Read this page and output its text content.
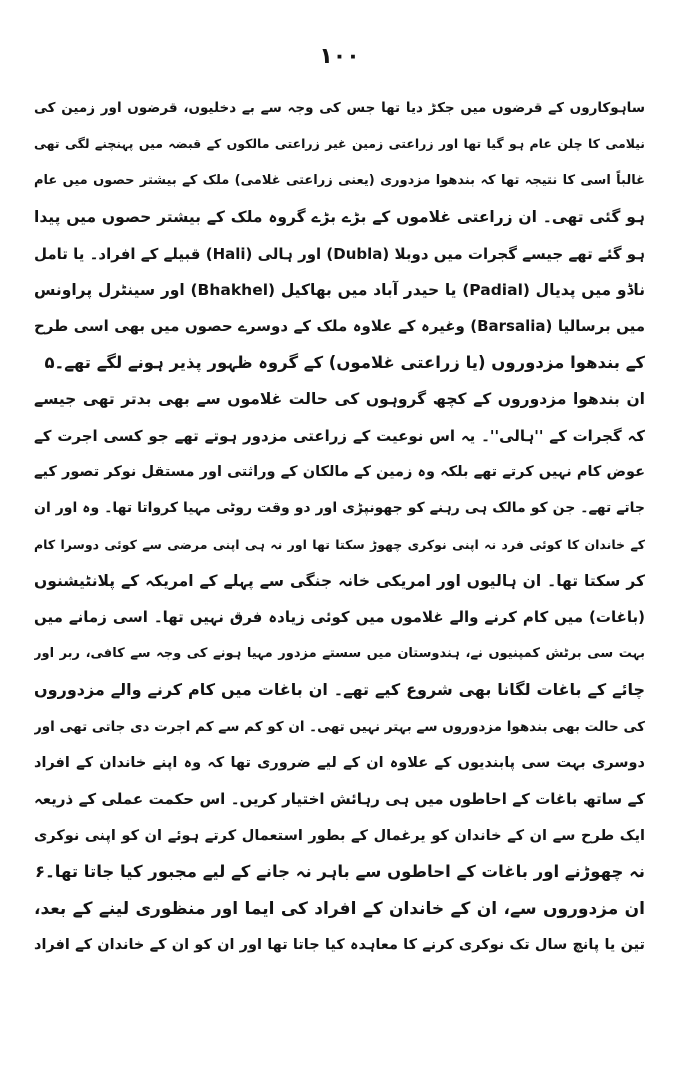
۱۰۰
ساہوکاروں کے قرضوں میں جکڑ دیا تھا جس کی وجہ سے بے دخلیوں، قرضوں اور زمین کی
نیلامی کا چلن عام ہو گیا تھا اور زراعتی زمین غیر زراعتی مالکوں کے قبضہ میں پہنچنے لگی تھی
غالباً اسی کا نتیجہ تھا کہ بندھوا مزدوری (یعنی زراعتی غلامی) ملک کے بیشتر حصوں میں عام
ہو گئی تھی۔ ان زراعتی غلاموں کے بڑے بڑے گروہ ملک کے بیشتر حصوں میں پیدا
ہو گئے تھے جیسے گجرات میں دوبلا (Dubla) اور ہالی (Hali) قبیلے کے افراد۔ یا تامل
ناڈو میں پدیال (Padial) یا حیدر آباد میں بھاکیل (Bhakhel) اور سینٹرل پراونس
میں برسالیا (Barsalia) وغیرہ کے علاوہ ملک کے دوسرے حصوں میں بھی اسی طرح
کے بندھوا مزدوروں (یا زراعتی غلاموں) کے گروہ ظہور پذیر ہونے لگے تھے۔۵
ان بندھوا مزدوروں کے کچھ گروہوں کی حالت غلاموں سے بھی بدتر تھی جیسے
کہ گجرات کے ''ہالی''۔ یہ اس نوعیت کے زراعتی مزدور ہوتے تھے جو کسی اجرت کے
عوض کام نہیں کرتے تھے بلکہ وہ زمین کے مالکان کے وراثتی اور مستقل نوکر تصور کیے
جاتے تھے۔ جن کو مالک ہی رہنے کو جھونپڑی اور دو وقت روٹی مہیا کرواتا تھا۔ وہ اور ان
کے خاندان کا کوئی فرد نہ اپنی نوکری چھوڑ سکتا تھا اور نہ ہی اپنی مرضی سے کوئی دوسرا کام
کر سکتا تھا۔ ان ہالیوں اور امریکی خانہ جنگی سے پہلے کے امریکہ کے پلانٹیشنوں
(باغات) میں کام کرنے والے غلاموں میں کوئی زیادہ فرق نہیں تھا۔ اسی زمانے میں
بہت سی برٹش کمپنیوں نے، ہندوستان میں سستے مزدور مہیا ہونے کی وجہ سے کافی، ربر اور
چائے کے باغات لگانا بھی شروع کیے تھے۔ ان باغات میں کام کرنے والے مزدوروں
کی حالت بھی بندھوا مزدوروں سے بہتر نہیں تھی۔ ان کو کم سے کم اجرت دی جاتی تھی اور
دوسری بہت سی پابندیوں کے علاوہ ان کے لیے ضروری تھا کہ وہ اپنے خاندان کے افراد
کے ساتھ باغات کے احاطوں میں ہی رہائش اختیار کریں۔ اس حکمت عملی کے ذریعہ
ایک طرح سے ان کے خاندان کو یرغمال کے بطور استعمال کرتے ہوئے ان کو اپنی نوکری
نہ چھوڑنے اور باغات کے احاطوں سے باہر نہ جانے کے لیے مجبور کیا جاتا تھا۔۶
ان مزدوروں سے، ان کے خاندان کے افراد کی ایما اور منظوری لینے کے بعد،
تین یا پانچ سال تک نوکری کرنے کا معاہدہ کیا جاتا تھا اور ان کو ان کے خاندان کے افراد
